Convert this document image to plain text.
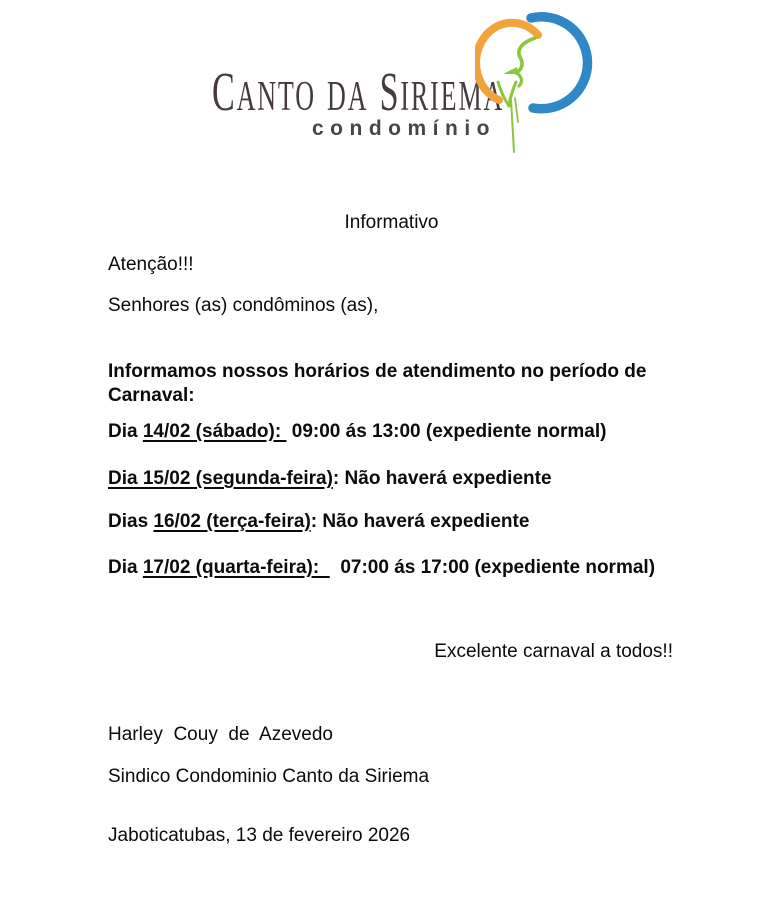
CANTO DA SIRIEMA
condomínio
Informativo
Atenção!!!
Senhores (as) condôminos (as),
Informamos nossos horários de atendimento no período de Carnaval:
Dia 14/02 (sábado):  09:00 ás 13:00 (expediente normal)
Dia 15/02 (segunda-feira): Não haverá expediente
Dias 16/02 (terça-feira): Não haverá expediente
Dia 17/02 (quarta-feira):    07:00 ás 17:00 (expediente normal)
Excelente carnaval a todos!!
Harley  Couy  de  Azevedo
Sindico Condominio Canto da Siriema
Jaboticatubas, 13 de fevereiro 2026
